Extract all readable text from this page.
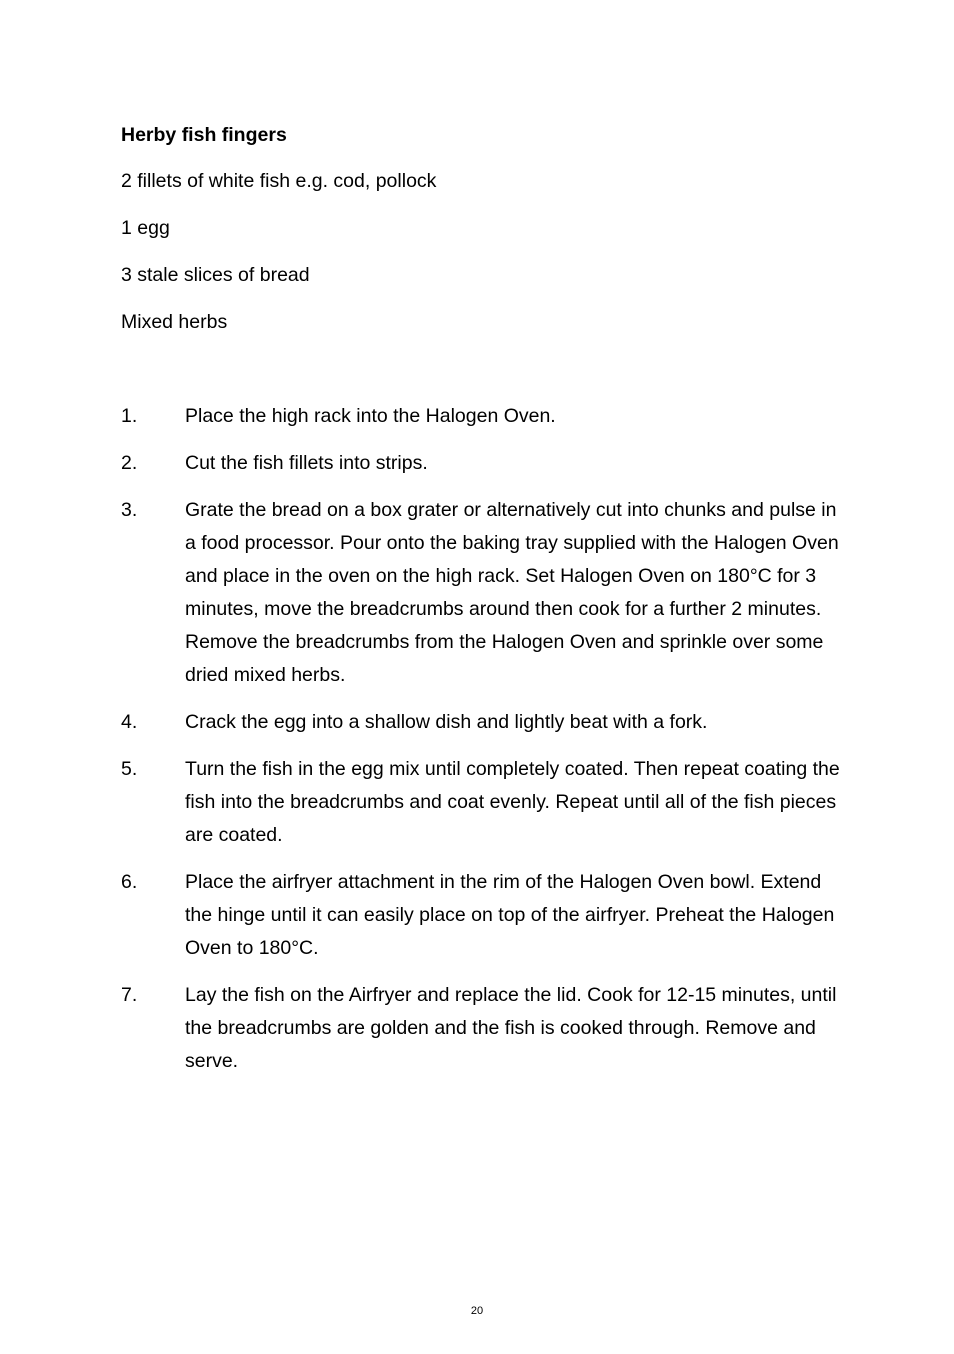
Herby fish fingers
2 fillets of white fish e.g. cod, pollock
1 egg
3 stale slices of bread
Mixed herbs
1.	Place the high rack into the Halogen Oven.
2.	Cut the fish fillets into strips.
3.	Grate the bread on a box grater or alternatively cut into chunks and pulse in a food processor. Pour onto the baking tray supplied with the Halogen Oven and place in the oven on the high rack. Set Halogen Oven on 180°C for 3 minutes, move the breadcrumbs around then cook for a further 2 minutes. Remove the breadcrumbs from the Halogen Oven and sprinkle over some dried mixed herbs.
4.	Crack the egg into a shallow dish and lightly beat with a fork.
5.	Turn the fish in the egg mix until completely coated. Then repeat coating the fish into the breadcrumbs and coat evenly. Repeat until all of the fish pieces are coated.
6.	Place the airfryer attachment in the rim of the Halogen Oven bowl. Extend the hinge until it can easily place on top of the airfryer. Preheat the Halogen Oven to 180°C.
7.	Lay the fish on the Airfryer and replace the lid. Cook for 12-15 minutes, until the breadcrumbs are golden and the fish is cooked through. Remove and serve.
20
